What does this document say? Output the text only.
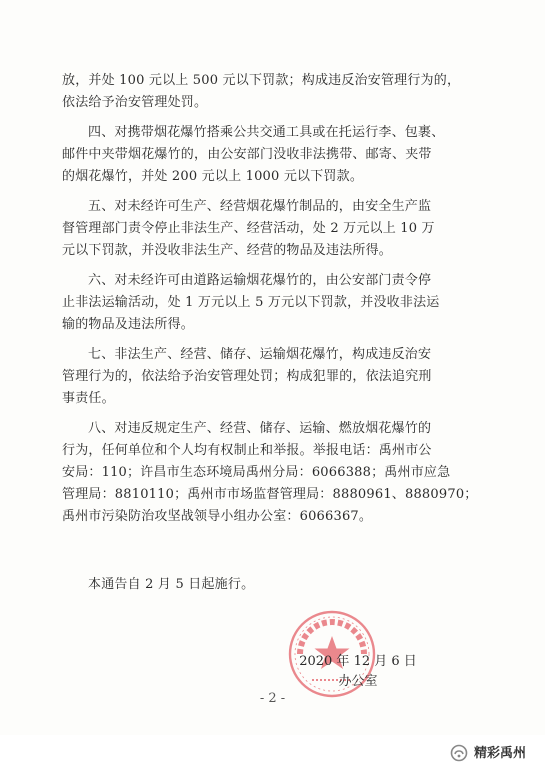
放，并处 100 元以上 500 元以下罚款；构成违反治安管理行为的，
依法给予治安管理处罚。
四、对携带烟花爆竹搭乘公共交通工具或在托运行李、包裹、
邮件中夹带烟花爆竹的，由公安部门没收非法携带、邮寄、夹带
的烟花爆竹，并处 200 元以上 1000 元以下罚款。
五、对未经许可生产、经营烟花爆竹制品的，由安全生产监
督管理部门责令停止非法生产、经营活动，处 2 万元以上 10 万
元以下罚款，并没收非法生产、经营的物品及违法所得。
六、对未经许可由道路运输烟花爆竹的，由公安部门责令停
止非法运输活动，处 1 万元以上 5 万元以下罚款，并没收非法运
输的物品及违法所得。
七、非法生产、经营、储存、运输烟花爆竹，构成违反治安
管理行为的，依法给予治安管理处罚；构成犯罪的，依法追究刑
事责任。
八、对违反规定生产、经营、储存、运输、燃放烟花爆竹的
行为，任何单位和个人均有权制止和举报。举报电话：禹州市公
安局：110；许昌市生态环境局禹州分局：6066388；禹州市应急
管理局：8810110；禹州市市场监督管理局：8880961、8880970；
禹州市污染防治攻坚战领导小组办公室：6066367。
本通告自 2 月 5 日起施行。
2020 年 12 月 6 日
办公室
- 2 -
精彩禹州
